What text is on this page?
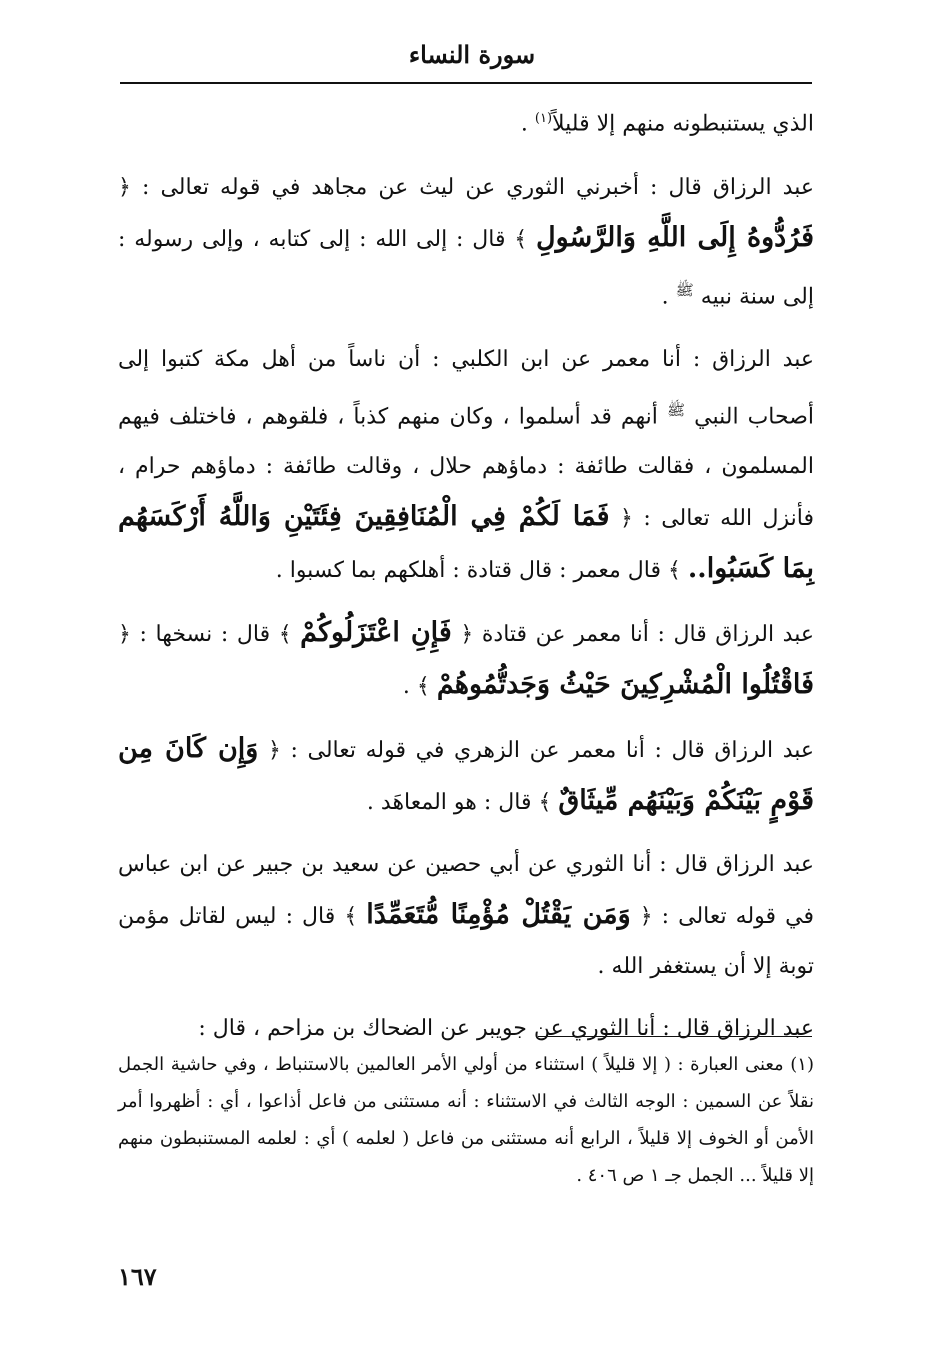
سورة النساء

الذي يستنبطونه منهم إلا قليلاً$^{(١)}$ .

عبد الرزاق قال : أخبرني الثوري عن ليث عن مجاهد في قوله تعالى : ﴿ فَرُدُّوهُ إِلَى اللَّهِ وَالرَّسُولِ ﴾ قال : إلى الله : إلى كتابه ، وإلى رسوله : إلى سنة نبيه $^ﷺ$ .

عبد الرزاق : أنا معمر عن ابن الكلبي : أن ناساً من أهل مكة كتبوا إلى أصحاب النبي $^ﷺ$ أنهم قد أسلموا ، وكان منهم كذباً ، فلقوهم ، فاختلف فيهم المسلمون ، فقالت طائفة : دماؤهم حلال ، وقالت طائفة : دماؤهم حرام ، فأنزل الله تعالى : ﴿ فَمَا لَكُمْ فِي الْمُنَافِقِينَ فِئَتَيْنِ وَاللَّهُ أَرْكَسَهُم بِمَا كَسَبُوا.. ﴾ قال معمر : قال قتادة : أهلكهم بما كسبوا .

عبد الرزاق قال : أنا معمر عن قتادة ﴿ فَإِنِ اعْتَزَلُوكُمْ ﴾ قال : نسخها : ﴿ فَاقْتُلُوا الْمُشْرِكِينَ حَيْثُ وَجَدتُّمُوهُمْ ﴾ .

عبد الرزاق قال : أنا معمر عن الزهري في قوله تعالى : ﴿ وَإِن كَانَ مِن قَوْمٍ بَيْنَكُمْ وَبَيْنَهُم مِّيثَاقٌ ﴾ قال : هو المعاهَد .

عبد الرزاق قال : أنا الثوري عن أبي حصين عن سعيد بن جبير عن ابن عباس في قوله تعالى : ﴿ وَمَن يَقْتُلْ مُؤْمِنًا مُّتَعَمِّدًا ﴾ قال : ليس لقاتل مؤمن توبة إلا أن يستغفر الله .

عبد الرزاق قال : أنا الثوري عن جويبر عن الضحاك بن مزاحم ، قال :

(١) معنى العبارة : ( إلا قليلاً ) استثناء من أولي الأمر العالمين بالاستنباط ، وفي حاشية الجمل نقلاً عن السمين : الوجه الثالث في الاستثناء : أنه مستثنى من فاعل أذاعوا ، أي : أظهروا أمر الأمن أو الخوف إلا قليلاً ، الرابع أنه مستثنى من فاعل ( لعلمه ) أي : لعلمه المستنبطون منهم إلا قليلاً ... الجمل جـ ١ ص ٤٠٦ .

١٦٧
